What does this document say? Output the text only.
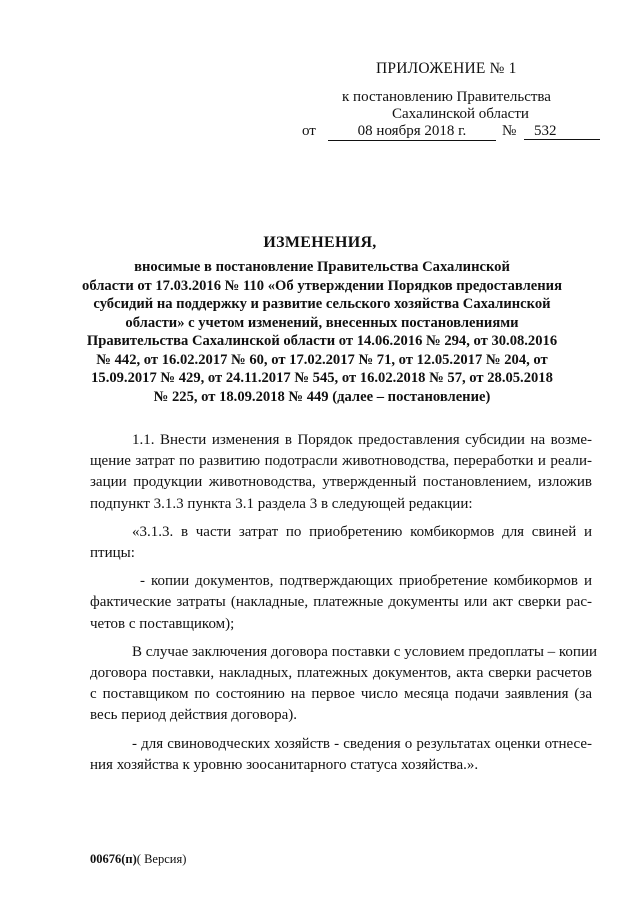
ПРИЛОЖЕНИЕ № 1
к постановлению Правительства
Сахалинской области
от	08 ноября 2018 г.	№	532
ИЗМЕНЕНИЯ,
вносимые в постановление Правительства Сахалинской
области от 17.03.2016 № 110 «Об утверждении Порядков предоставления
субсидий на поддержку и развитие сельского хозяйства Сахалинской
области» с учетом изменений, внесенных постановлениями
Правительства Сахалинской области от 14.06.2016 № 294, от 30.08.2016
№ 442, от 16.02.2017 № 60, от 17.02.2017 № 71, от 12.05.2017 № 204, от
15.09.2017 № 429, от 24.11.2017 № 545, от 16.02.2018 № 57, от 28.05.2018
№ 225, от 18.09.2018 № 449 (далее – постановление)
1.1. Внести изменения в Порядок предоставления субсидии на возме-
щение затрат по развитию подотрасли животноводства, переработки и реали-
зации продукции животноводства, утвержденный постановлением, изложив
подпункт 3.1.3 пункта 3.1 раздела 3 в следующей редакции:
«3.1.3. в части затрат по приобретению комбикормов для свиней и
птицы:
- копии документов, подтверждающих приобретение комбикормов и
фактические затраты (накладные, платежные документы или акт сверки рас-
четов с поставщиком);
В случае заключения договора поставки с условием предоплаты – копии
договора поставки, накладных, платежных документов, акта сверки расчетов
с поставщиком по состоянию на первое число месяца подачи заявления (за
весь период действия договора).
- для свиноводческих хозяйств - сведения о результатах оценки отнесе-
ния хозяйства к уровню зоосанитарного статуса хозяйства.».
00676(п)( Версия)
